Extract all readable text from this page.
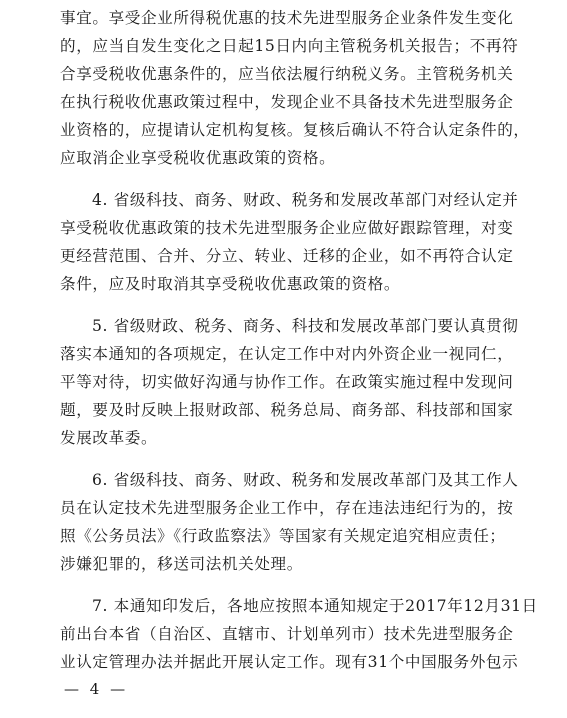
事宜。享受企业所得税优惠的技术先进型服务企业条件发生变化
的，应当自发生变化之日起15日内向主管税务机关报告；不再符
合享受税收优惠条件的，应当依法履行纳税义务。主管税务机关
在执行税收优惠政策过程中，发现企业不具备技术先进型服务企
业资格的，应提请认定机构复核。复核后确认不符合认定条件的，
应取消企业享受税收优惠政策的资格。
4. 省级科技、商务、财政、税务和发展改革部门对经认定并
享受税收优惠政策的技术先进型服务企业应做好跟踪管理，对变
更经营范围、合并、分立、转业、迁移的企业，如不再符合认定
条件，应及时取消其享受税收优惠政策的资格。
5. 省级财政、税务、商务、科技和发展改革部门要认真贯彻
落实本通知的各项规定，在认定工作中对内外资企业一视同仁，
平等对待，切实做好沟通与协作工作。在政策实施过程中发现问
题，要及时反映上报财政部、税务总局、商务部、科技部和国家
发展改革委。
6. 省级科技、商务、财政、税务和发展改革部门及其工作人
员在认定技术先进型服务企业工作中，存在违法违纪行为的，按
照《公务员法》《行政监察法》等国家有关规定追究相应责任；
涉嫌犯罪的，移送司法机关处理。
7. 本通知印发后，各地应按照本通知规定于2017年12月31日
前出台本省（自治区、直辖市、计划单列市）技术先进型服务企
业认定管理办法并据此开展认定工作。现有31个中国服务外包示
— 4 —
